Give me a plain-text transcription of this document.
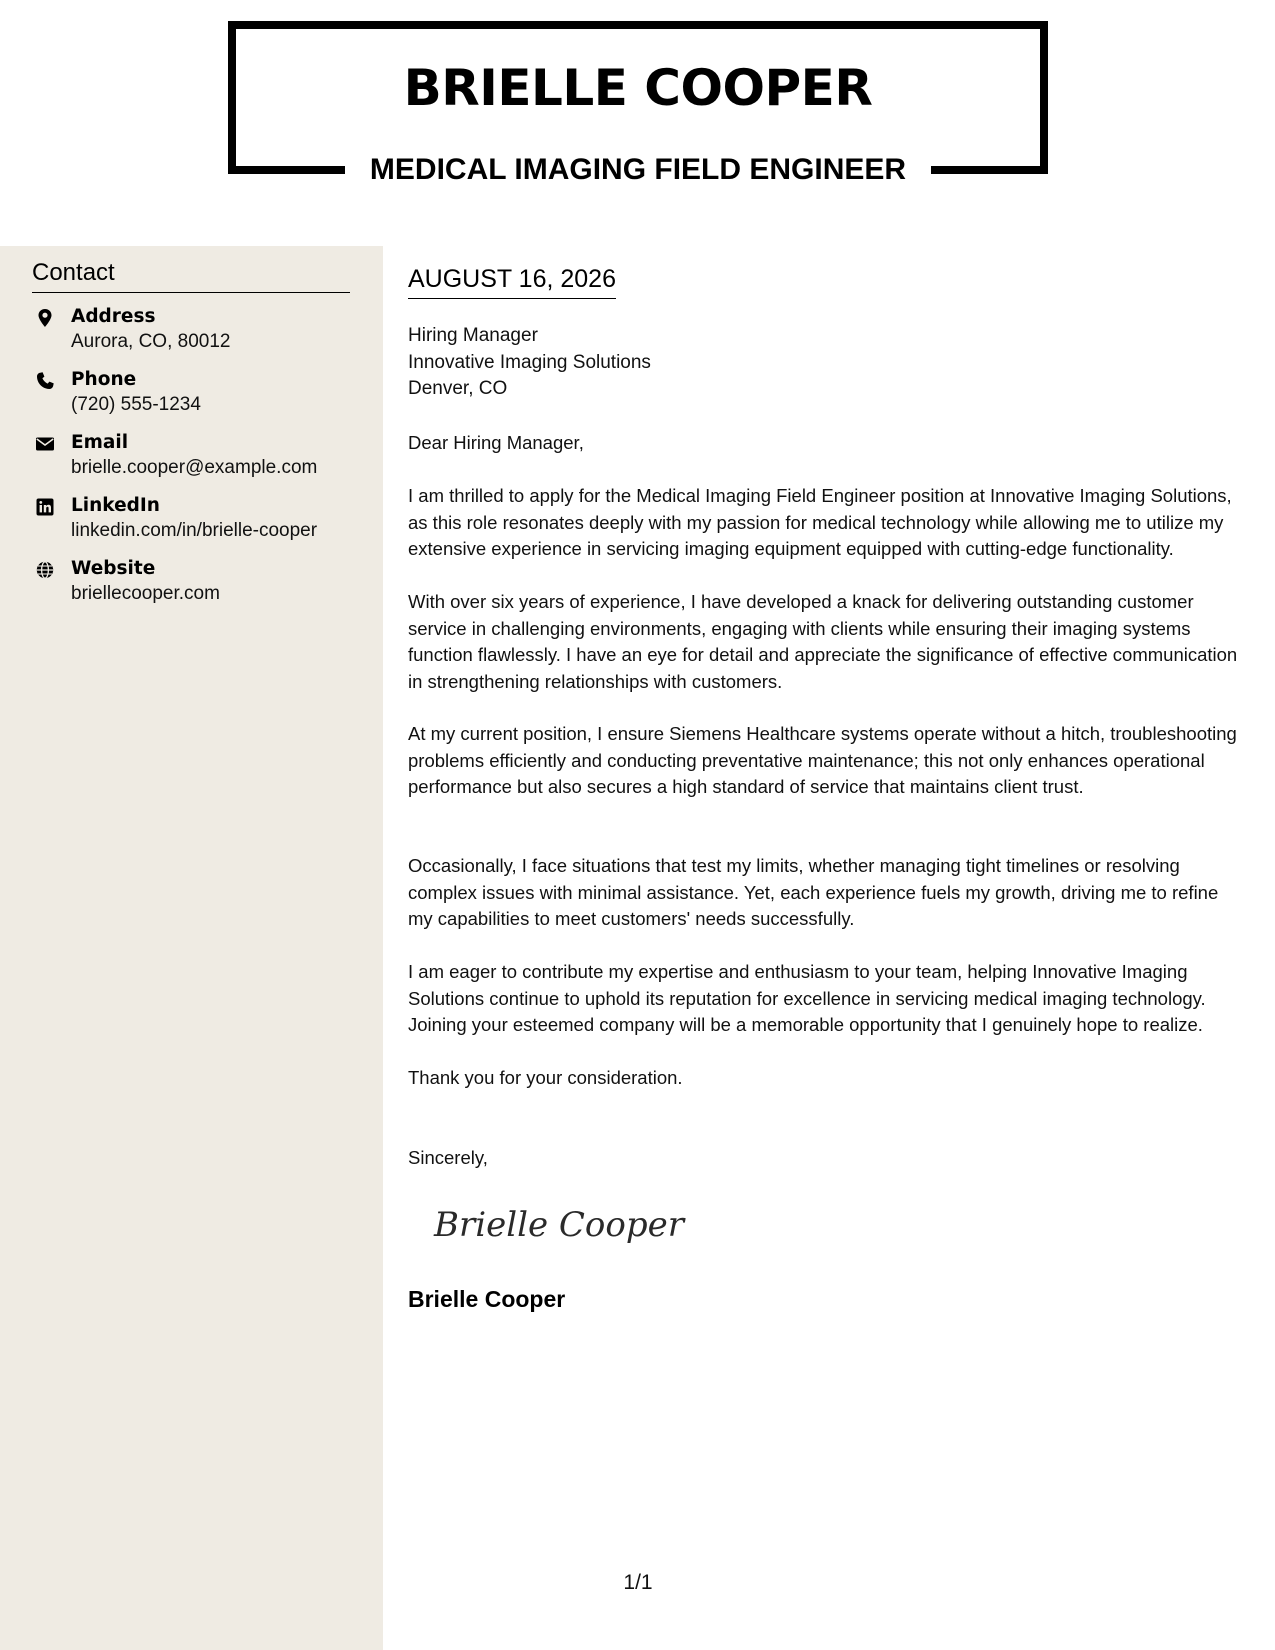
BRIELLE COOPER
MEDICAL IMAGING FIELD ENGINEER
Contact
Address
Aurora, CO, 80012
Phone
(720) 555-1234
Email
brielle.cooper@example.com
LinkedIn
linkedin.com/in/brielle-cooper
Website
briellecooper.com
AUGUST 16, 2026
Hiring Manager
Innovative Imaging Solutions
Denver, CO

Dear Hiring Manager,

I am thrilled to apply for the Medical Imaging Field Engineer position at Innovative Imaging Solutions, as this role resonates deeply with my passion for medical technology while allowing me to utilize my extensive experience in servicing imaging equipment equipped with cutting-edge functionality.

With over six years of experience, I have developed a knack for delivering outstanding customer service in challenging environments, engaging with clients while ensuring their imaging systems function flawlessly. I have an eye for detail and appreciate the significance of effective communication in strengthening relationships with customers.

At my current position, I ensure Siemens Healthcare systems operate without a hitch, troubleshooting problems efficiently and conducting preventative maintenance; this not only enhances operational performance but also secures a high standard of service that maintains client trust.

Occasionally, I face situations that test my limits, whether managing tight timelines or resolving complex issues with minimal assistance. Yet, each experience fuels my growth, driving me to refine my capabilities to meet customers' needs successfully.

I am eager to contribute my expertise and enthusiasm to your team, helping Innovative Imaging Solutions continue to uphold its reputation for excellence in servicing medical imaging technology. Joining your esteemed company will be a memorable opportunity that I genuinely hope to realize.

Thank you for your consideration.

Sincerely,

Brielle Cooper
Brielle Cooper
1/1
